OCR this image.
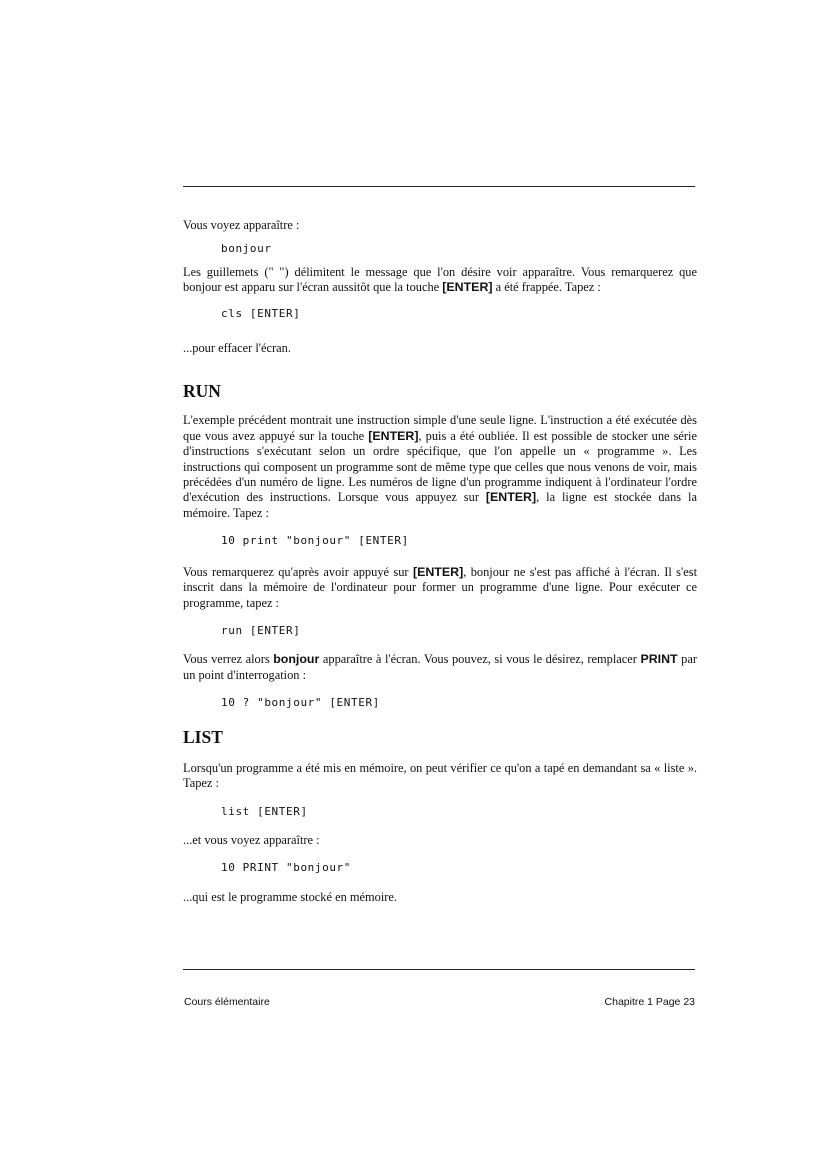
Vous voyez apparaître :

bonjour

Les guillemets (" ") délimitent le message que l'on désire voir apparaître. Vous remarquerez que bonjour est apparu sur l'écran aussitôt que la touche [ENTER] a été frappée. Tapez :

cls [ENTER]

...pour effacer l'écran.

RUN

L'exemple précédent montrait une instruction simple d'une seule ligne. L'instruction a été exécutée dès que vous avez appuyé sur la touche [ENTER], puis a été oubliée. Il est possible de stocker une série d'instructions s'exécutant selon un ordre spécifique, que l'on appelle un « programme ». Les instructions qui composent un programme sont de même type que celles que nous venons de voir, mais précédées d'un numéro de ligne. Les numéros de ligne d'un programme indiquent à l'ordinateur l'ordre d'exécution des instructions. Lorsque vous appuyez sur [ENTER], la ligne est stockée dans la mémoire. Tapez :

10 print "bonjour" [ENTER]

Vous remarquerez qu'après avoir appuyé sur [ENTER], bonjour ne s'est pas affiché à l'écran. Il s'est inscrit dans la mémoire de l'ordinateur pour former un programme d'une ligne. Pour exécuter ce programme, tapez :

run [ENTER]

Vous verrez alors bonjour apparaître à l'écran. Vous pouvez, si vous le désirez, remplacer PRINT par un point d'interrogation :

10 ? "bonjour" [ENTER]

LIST

Lorsqu'un programme a été mis en mémoire, on peut vérifier ce qu'on a tapé en demandant sa « liste ». Tapez :

list [ENTER]

...et vous voyez apparaître :

10 PRINT "bonjour"

...qui est le programme stocké en mémoire.

Cours élémentaire	Chapitre 1 Page 23
